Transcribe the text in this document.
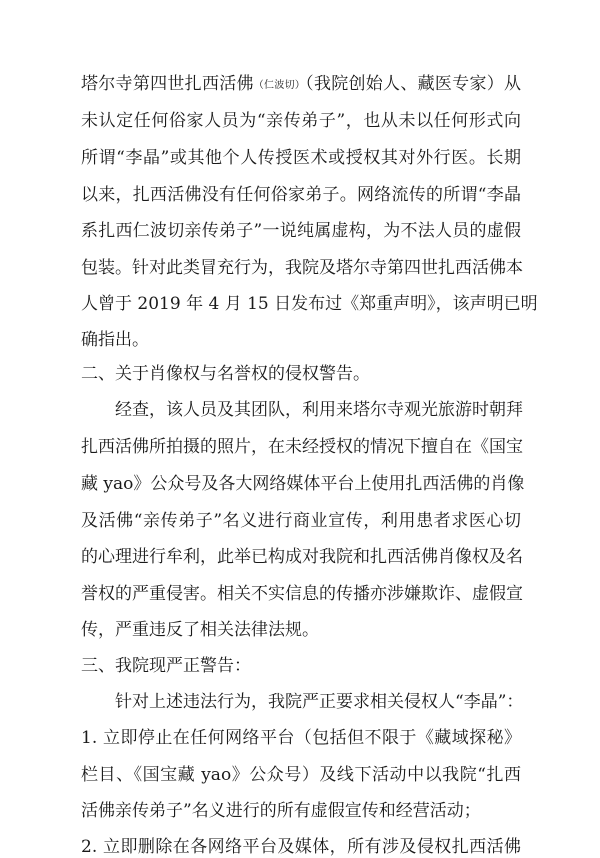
塔尔寺第四世扎西活佛（仁波切）（我院创始人、藏医专家）从
未认定任何俗家人员为“亲传弟子”，也从未以任何形式向
所谓“李晶”或其他个人传授医术或授权其对外行医。长期
以来，扎西活佛没有任何俗家弟子。网络流传的所谓“李晶
系扎西仁波切亲传弟子”一说纯属虚构，为不法人员的虚假
包装。针对此类冒充行为，我院及塔尔寺第四世扎西活佛本
人曾于 2019 年 4 月 15 日发布过《郑重声明》，该声明已明
确指出。
二、关于肖像权与名誉权的侵权警告。
经查，该人员及其团队，利用来塔尔寺观光旅游时朝拜
扎西活佛所拍摄的照片，在未经授权的情况下擅自在《国宝
藏 yao》公众号及各大网络媒体平台上使用扎西活佛的肖像
及活佛“亲传弟子”名义进行商业宣传，利用患者求医心切
的心理进行牟利，此举已构成对我院和扎西活佛肖像权及名
誉权的严重侵害。相关不实信息的传播亦涉嫌欺诈、虚假宣
传，严重违反了相关法律法规。
三、我院现严正警告：
针对上述违法行为，我院严正要求相关侵权人“李晶”：
1. 立即停止在任何网络平台（包括但不限于《藏域探秘》
栏目、《国宝藏 yao》公众号）及线下活动中以我院“扎西
活佛亲传弟子”名义进行的所有虚假宣传和经营活动；
2. 立即删除在各网络平台及媒体，所有涉及侵权扎西活佛
